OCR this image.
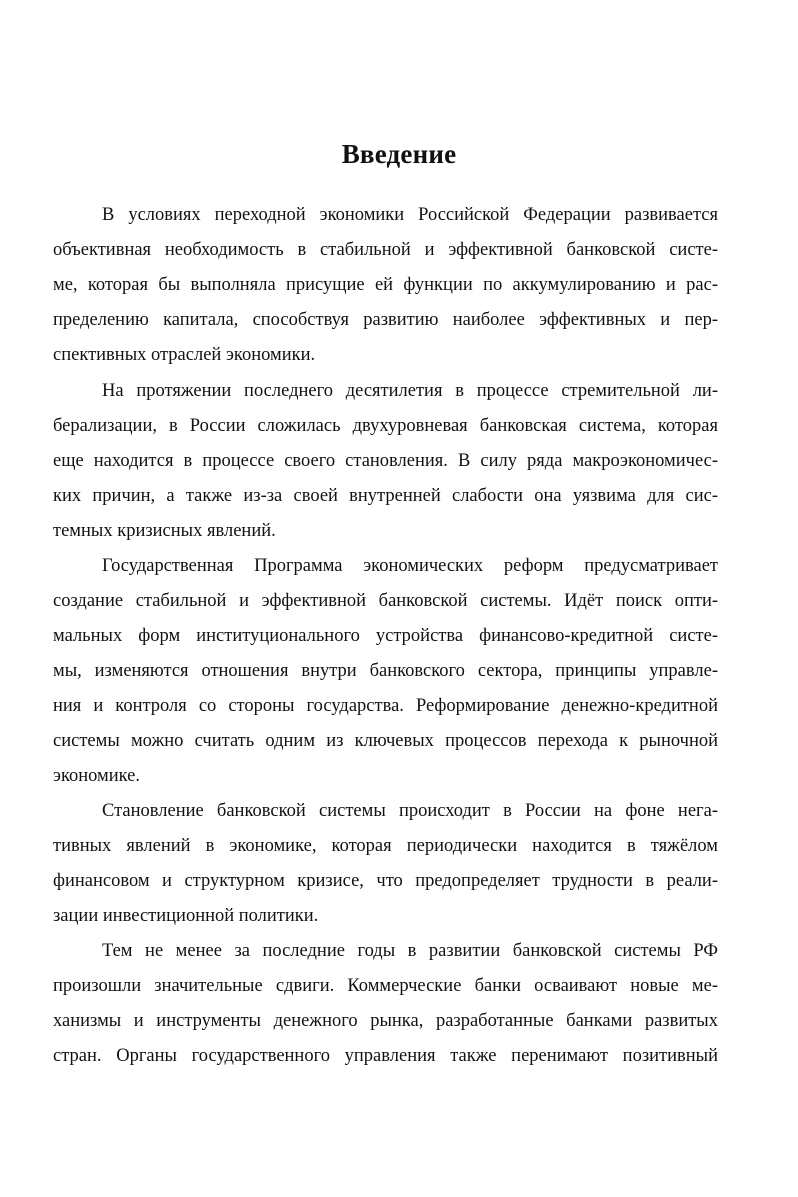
Введение
В условиях переходной экономики Российской Федерации развивается
объективная необходимость в стабильной и эффективной банковской систе-
ме, которая бы выполняла присущие ей функции по аккумулированию и рас-
пределению капитала, способствуя развитию наиболее эффективных и пер-
спективных отраслей экономики.
На протяжении последнего десятилетия в процессе стремительной ли-
берализации, в России сложилась двухуровневая банковская система, которая
еще находится в процессе своего становления. В силу ряда макроэкономичес-
ких причин, а также из-за своей внутренней слабости она уязвима для сис-
темных кризисных явлений.
Государственная Программа экономических реформ предусматривает
создание стабильной и эффективной банковской системы. Идёт поиск опти-
мальных форм институционального устройства финансово-кредитной систе-
мы, изменяются отношения внутри банковского сектора, принципы управле-
ния и контроля со стороны государства. Реформирование денежно-кредитной
системы можно считать одним из ключевых процессов перехода к рыночной
экономике.
Становление банковской системы происходит в России на фоне нега-
тивных явлений в экономике, которая периодически находится в тяжёлом
финансовом и структурном кризисе, что предопределяет трудности в реали-
зации инвестиционной политики.
Тем не менее за последние годы в развитии банковской системы РФ
произошли значительные сдвиги. Коммерческие банки осваивают новые ме-
ханизмы и инструменты денежного рынка, разработанные банками развитых
стран. Органы государственного управления также перенимают позитивный
